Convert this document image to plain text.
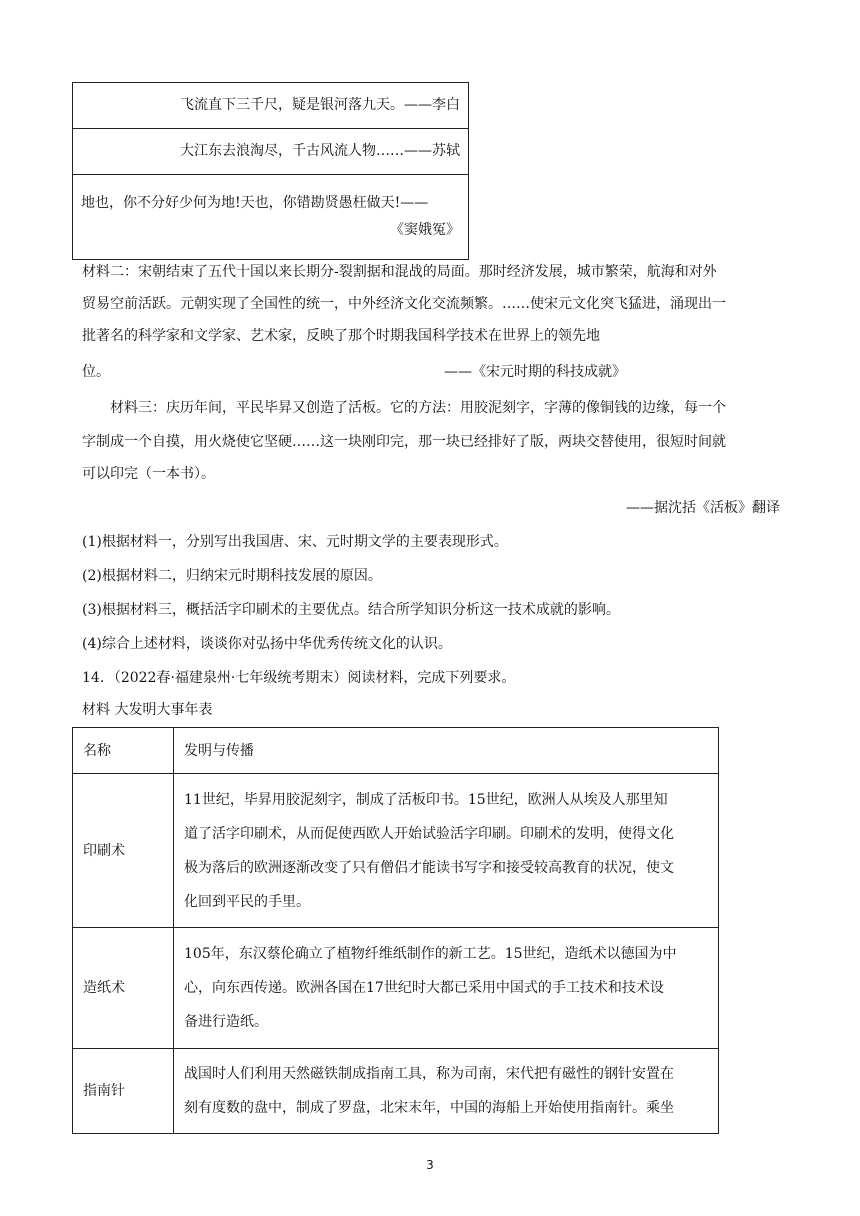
飞流直下三千尺，疑是银河落九天。——李白
大江东去浪淘尽，千古风流人物……——苏轼
地也，你不分好少何为地!天也，你错勘贤愚枉做天!——
《窦娥冤》

材料二：宋朝结束了五代十国以来长期分-裂割据和混战的局面。那时经济发展，城市繁荣，航海和对外

贸易空前活跃。元朝实现了全国性的统一，中外经济文化交流频繁。……使宋元文化突飞猛进，涌现出一

批著名的科学家和文学家、艺术家，反映了那个时期我国科学技术在世界上的领先地

位。	——《宋元时期的科技成就》

材料三：庆历年间，平民毕昇又创造了活板。它的方法：用胶泥刻字，字薄的像铜钱的边缘，每一个

字制成一个自摸，用火烧使它坚硬……这一块刚印完，那一块已经排好了版，两块交替使用，很短时间就

可以印完（一本书）。

——据沈括《活板》翻译

(1)根据材料一，分别写出我国唐、宋、元时期文学的主要表现形式。

(2)根据材料二，归纳宋元时期科技发展的原因。

(3)根据材料三，概括活字印刷术的主要优点。结合所学知识分析这一技术成就的影响。

(4)综合上述材料，谈谈你对弘扬中华优秀传统文化的认识。

14．（2022春·福建泉州·七年级统考期末）阅读材料，完成下列要求。

材料 大发明大事年表

名称	发明与传播
印刷术	11世纪，毕昇用胶泥刻字，制成了活板印书。15世纪，欧洲人从埃及人那里知
道了活字印刷术，从而促使西欧人开始试验活字印刷。印刷术的发明，使得文化
极为落后的欧洲逐渐改变了只有僧侣才能读书写字和接受较高教育的状况，使文
化回到平民的手里。

造纸术	105年，东汉蔡伦确立了植物纤维纸制作的新工艺。15世纪，造纸术以德国为中
心，向东西传递。欧洲各国在17世纪时大都已采用中国式的手工技术和技术设
备进行造纸。

指南针	战国时人们利用天然磁铁制成指南工具，称为司南，宋代把有磁性的钢针安置在
刻有度数的盘中，制成了罗盘，北宋末年，中国的海船上开始使用指南针。乘坐
3
